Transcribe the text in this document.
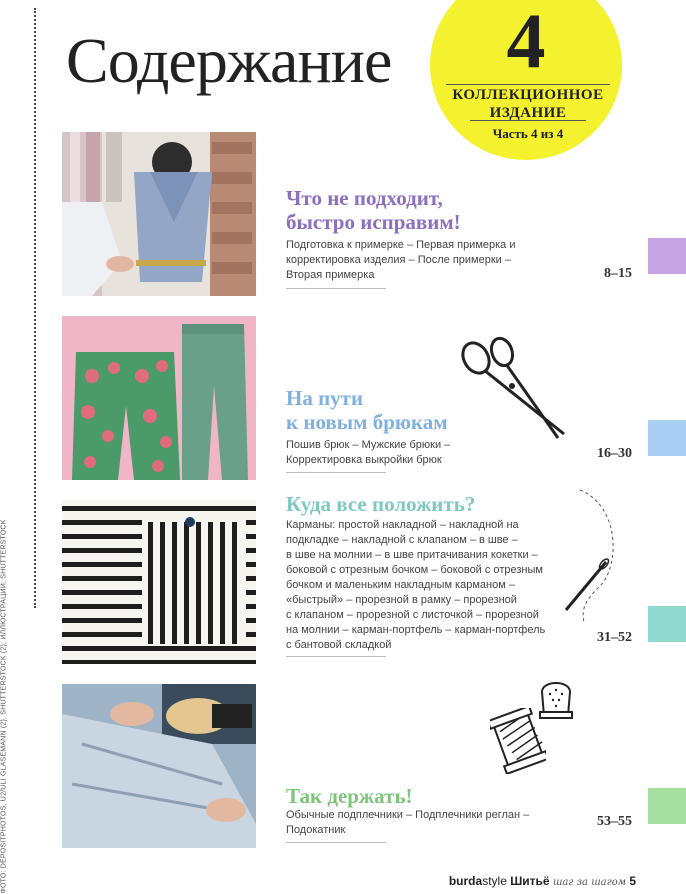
ФОТО: DEPOSITPHOTOS, U2/ULI GLASEMANN (2), SHUTTERSTOCK (2); ИЛЛЮСТРАЦИИ: SHUTTERSTOCK
Содержание 4
КОЛЛЕКЦИОННОЕ
ИЗДАНИЕ
Часть 4 из 4
Что не подходит,
быстро исправим!
Подготовка к примерке – Первая примерка и
корректировка изделия – После примерки –
Вторая примерка	8–15
На пути
к новым брюкам
Пошив брюк – Мужские брюки –
Корректировка выкройки брюк	16–30
Куда все положить?
Карманы: простой накладной – накладной на
подкладке – накладной с клапаном – в шве –
в шве на молнии – в шве притачивания кокетки –
боковой с отрезным бочком – боковой с отрезным
бочком и маленьким накладным карманом –
«быстрый» – прорезной в рамку – прорезной
с клапаном – прорезной с листочкой – прорезной
на молнии – карман-портфель – карман-портфель
с бантовой складкой	31–52
Так держать!
Обычные подплечники – Подплечники реглан –
Подокатник
53–55
burdastyle Шитьё шаг за шагом 5
